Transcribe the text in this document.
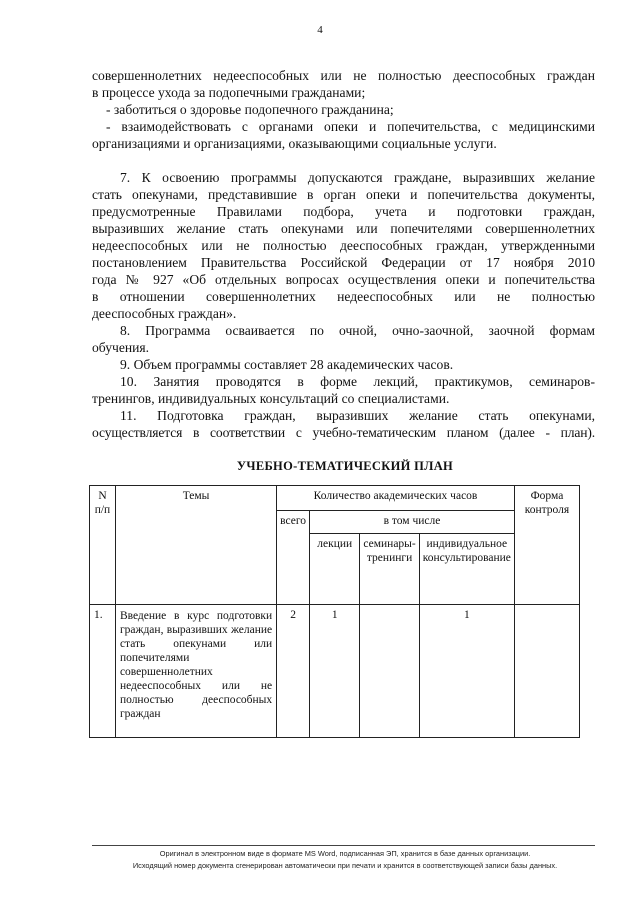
4

совершеннолетних недееспособных или не полностью дееспособных граждан
в процессе ухода за подопечными гражданами;
- заботиться о здоровье подопечного гражданина;
- взаимодействовать с органами опеки и попечительства, с медицинскими
организациями и организациями, оказывающими социальные услуги.

7. К освоению программы допускаются граждане, выразивших желание
стать опекунами, представившие в орган опеки и попечительства документы,
предусмотренные Правилами подбора, учета и подготовки граждан,
выразивших желание стать опекунами или попечителями совершеннолетних
недееспособных или не полностью дееспособных граждан, утвержденными
постановлением Правительства Российской Федерации от 17 ноября 2010
года № 927 «Об отдельных вопросах осуществления опеки и попечительства
в отношении совершеннолетних недееспособных или не полностью
дееспособных граждан».

8. Программа осваивается по очной, очно-заочной, заочной формам
обучения.

9. Объем программы составляет 28 академических часов.

10. Занятия проводятся в форме лекций, практикумов, семинаров-
тренингов, индивидуальных консультаций со специалистами.

11. Подготовка граждан, выразивших желание стать опекунами,
осуществляется в соответствии с учебно-тематическим планом (далее - план).

УЧЕБНО-ТЕМАТИЧЕСКИЙ ПЛАН
N п/п	Темы	Количество академических часов				Форма контроля
		всего	в том числе			
			лекции	семинары-тренинги	индивидуальное консультирование	
1.	Введение в курс подготовки граждан, выразивших желание стать опекунами или попечителями совершеннолетних недееспособных или не полностью дееспособных граждан	2	1		1	
Оригинал в электронном виде в формате MS Word, подписанная ЭП, хранится в базе данных организации.
Исходящий номер документа сгенерирован автоматически при печати и хранится в соответствующей записи базы данных.
